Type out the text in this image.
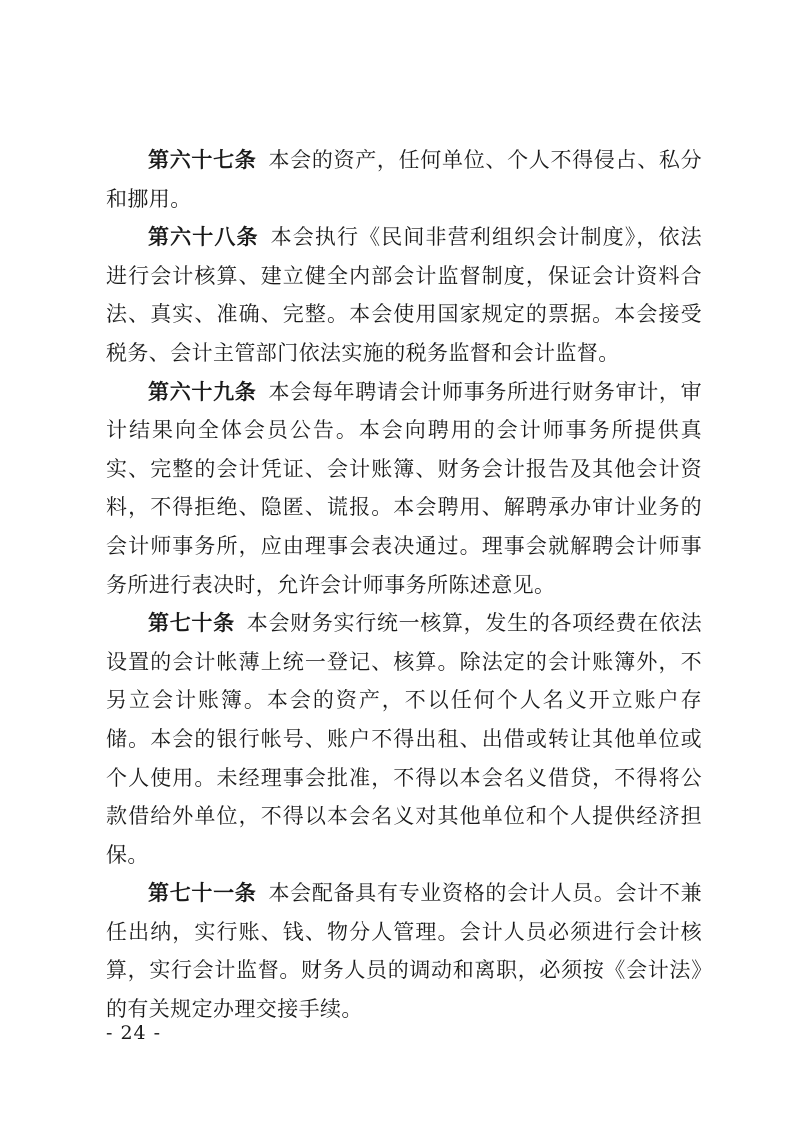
第六十七条 本会的资产，任何单位、个人不得侵占、私分和挪用。

第六十八条 本会执行《民间非营利组织会计制度》，依法进行会计核算、建立健全内部会计监督制度，保证会计资料合法、真实、准确、完整。本会使用国家规定的票据。本会接受税务、会计主管部门依法实施的税务监督和会计监督。

第六十九条 本会每年聘请会计师事务所进行财务审计，审计结果向全体会员公告。本会向聘用的会计师事务所提供真实、完整的会计凭证、会计账簿、财务会计报告及其他会计资料，不得拒绝、隐匿、谎报。本会聘用、解聘承办审计业务的会计师事务所，应由理事会表决通过。理事会就解聘会计师事务所进行表决时，允许会计师事务所陈述意见。

第七十条 本会财务实行统一核算，发生的各项经费在依法设置的会计帐薄上统一登记、核算。除法定的会计账簿外，不另立会计账簿。本会的资产，不以任何个人名义开立账户存储。本会的银行帐号、账户不得出租、出借或转让其他单位或个人使用。未经理事会批准，不得以本会名义借贷，不得将公款借给外单位，不得以本会名义对其他单位和个人提供经济担保。

第七十一条 本会配备具有专业资格的会计人员。会计不兼任出纳，实行账、钱、物分人管理。会计人员必须进行会计核算，实行会计监督。财务人员的调动和离职，必须按《会计法》的有关规定办理交接手续。

- 24 -
